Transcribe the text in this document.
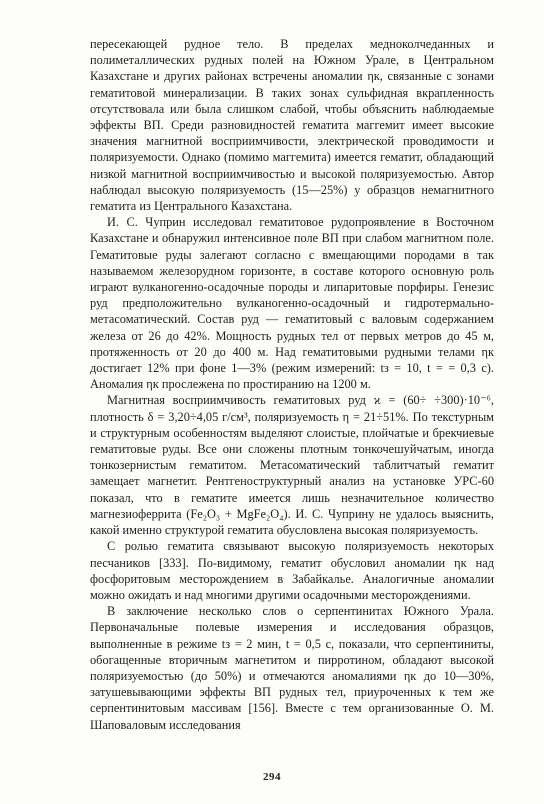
пересекающей рудное тело. В пределах медноколчеданных и полиметаллических рудных полей на Южном Урале, в Центральном Казахстане и других районах встречены аномалии ηк, связанные с зонами гематитовой минерализации. В таких зонах сульфидная вкрапленность отсутствовала или была слишком слабой, чтобы объяснить наблюдаемые эффекты ВП. Среди разновидностей гематита маггемит имеет высокие значения магнитной восприимчивости, электрической проводимости и поляризуемости. Однако (помимо маггемита) имеется гематит, обладающий низкой магнитной восприимчивостью и высокой поляризуемостью. Автор наблюдал высокую поляризуемость (15—25%) у образцов немагнитного гематита из Центрального Казахстана.

И. С. Чуприн исследовал гематитовое рудопроявление в Восточном Казахстане и обнаружил интенсивное поле ВП при слабом магнитном поле. Гематитовые руды залегают согласно с вмещающими породами в так называемом железорудном горизонте, в составе которого основную роль играют вулканогенно-осадочные породы и липаритовые порфиры. Генезис руд предположительно вулканогенно-осадочный и гидротермально-метасоматический. Состав руд — гематитовый с валовым содержанием железа от 26 до 42%. Мощность рудных тел от первых метров до 45 м, протяженность от 20 до 400 м. Над гематитовыми рудными телами ηк достигает 12% при фоне 1—3% (режим измерений: tз = 10, t = = 0,3 с). Аномалия ηк прослежена по простиранию на 1200 м.

Магнитная восприимчивость гематитовых руд ϰ = (60÷ ÷300)·10⁻⁶, плотность δ = 3,20÷4,05 г/см³, поляризуемость η = 21÷51%. По текстурным и структурным особенностям выделяют слоистые, плойчатые и брекчиевые гематитовые руды. Все они сложены плотным тонкочешуйчатым, иногда тонкозернистым гематитом. Метасоматический таблитчатый гематит замещает магнетит. Рентгеноструктурный анализ на установке УРС-60 показал, что в гематите имеется лишь незначительное количество магнезиоферрита (Fe₂O₃ + MgFe₂O₄). И. С. Чуприну не удалось выяснить, какой именно структурой гематита обусловлена высокая поляризуемость.

С ролью гематита связывают высокую поляризуемость некоторых песчаников [333]. По-видимому, гематит обусловил аномалии ηк над фосфоритовым месторождением в Забайкалье. Аналогичные аномалии можно ожидать и над многими другими осадочными месторождениями.

В заключение несколько слов о серпентинитах Южного Урала. Первоначальные полевые измерения и исследования образцов, выполненные в режиме tз = 2 мин, t = 0,5 с, показали, что серпентиниты, обогащенные вторичным магнетитом и пирротином, обладают высокой поляризуемостью (до 50%) и отмечаются аномалиями ηк до 10—30%, затушевывающими эффекты ВП рудных тел, приуроченных к тем же серпентинитовым массивам [156]. Вместе с тем организованные О. М. Шаповаловым исследования

294
